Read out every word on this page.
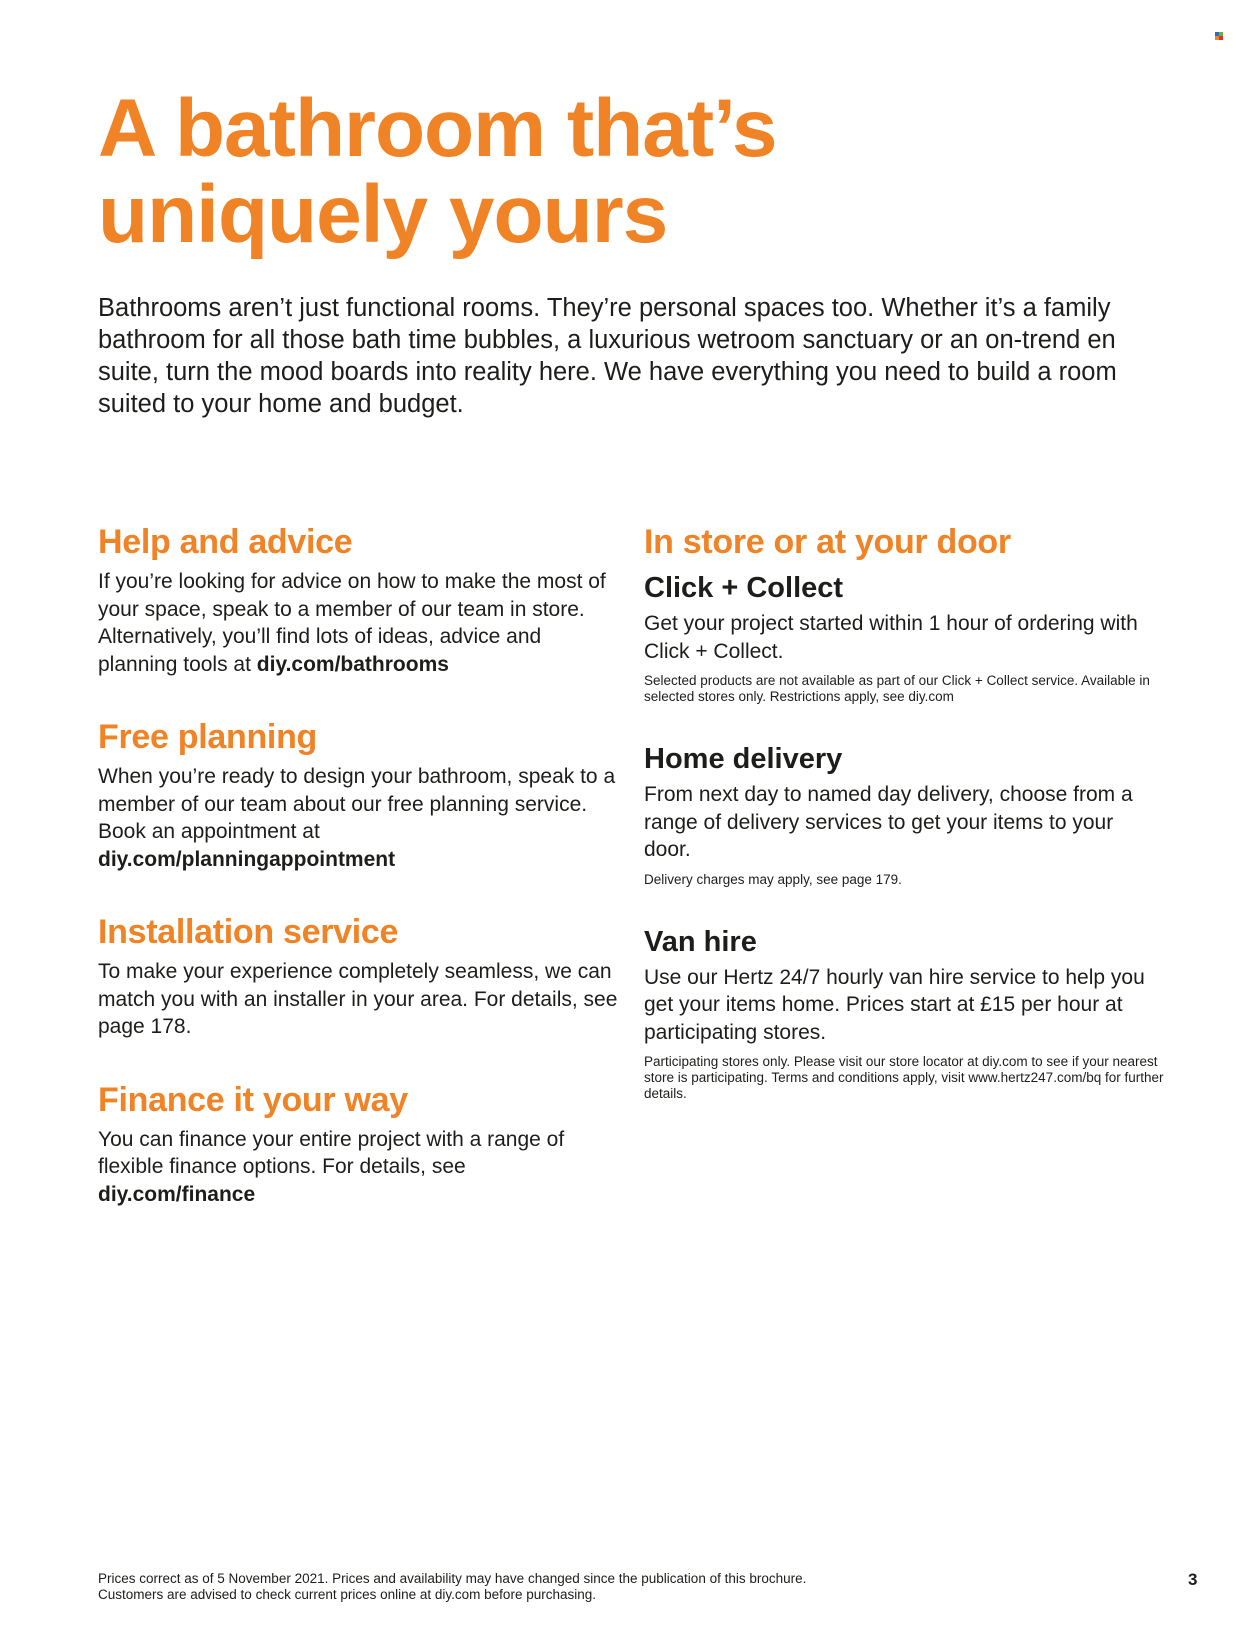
A bathroom that’s
uniquely yours

Bathrooms aren’t just functional rooms. They’re personal spaces too. Whether it’s a family bathroom for all those bath time bubbles, a luxurious wetroom sanctuary or an on-trend en suite, turn the mood boards into reality here. We have everything you need to build a room suited to your home and budget.

Help and advice

If you’re looking for advice on how to make the most of your space, speak to a member of our team in store. Alternatively, you’ll find lots of ideas, advice and planning tools at diy.com/bathrooms

Free planning

When you’re ready to design your bathroom, speak to a member of our team about our free planning service. Book an appointment at diy.com/planningappointment

Installation service

To make your experience completely seamless, we can match you with an installer in your area. For details, see page 178.

Finance it your way

You can finance your entire project with a range of flexible finance options. For details, see diy.com/finance

In store or at your door
Click + Collect

Get your project started within 1 hour of ordering with Click + Collect.

Selected products are not available as part of our Click + Collect service. Available in selected stores only. Restrictions apply, see diy.com

Home delivery

From next day to named day delivery, choose from a range of delivery services to get your items to your door.

Delivery charges may apply, see page 179.

Van hire

Use our Hertz 24/7 hourly van hire service to help you get your items home. Prices start at £15 per hour at participating stores.

Participating stores only. Please visit our store locator at diy.com to see if your nearest store is participating. Terms and conditions apply, visit www.hertz247.com/bq for further details.

Prices correct as of 5 November 2021. Prices and availability may have changed since the publication of this brochure.
Customers are advised to check current prices online at diy.com before purchasing.
3
